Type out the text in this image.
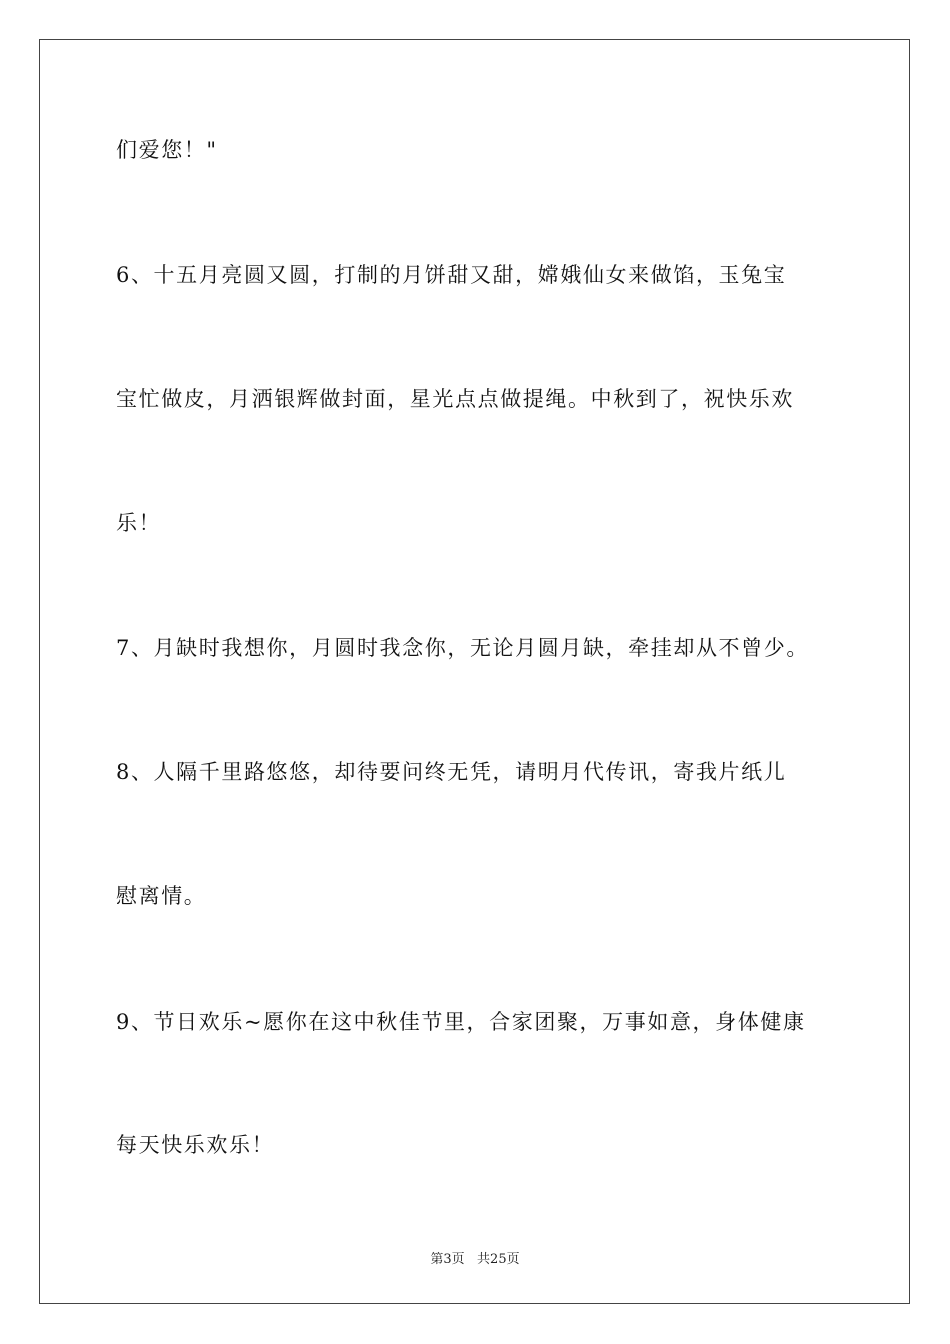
们爱您！"
6、十五月亮圆又圆，打制的月饼甜又甜，嫦娥仙女来做馅，玉兔宝
宝忙做皮，月洒银辉做封面，星光点点做提绳。中秋到了，祝快乐欢
乐！
7、月缺时我想你，月圆时我念你，无论月圆月缺，牵挂却从不曾少。
8、人隔千里路悠悠，却待要问终无凭，请明月代传讯，寄我片纸儿
慰离情。
9、节日欢乐~愿你在这中秋佳节里，合家团聚，万事如意，身体健康
每天快乐欢乐！
第3页   共25页
